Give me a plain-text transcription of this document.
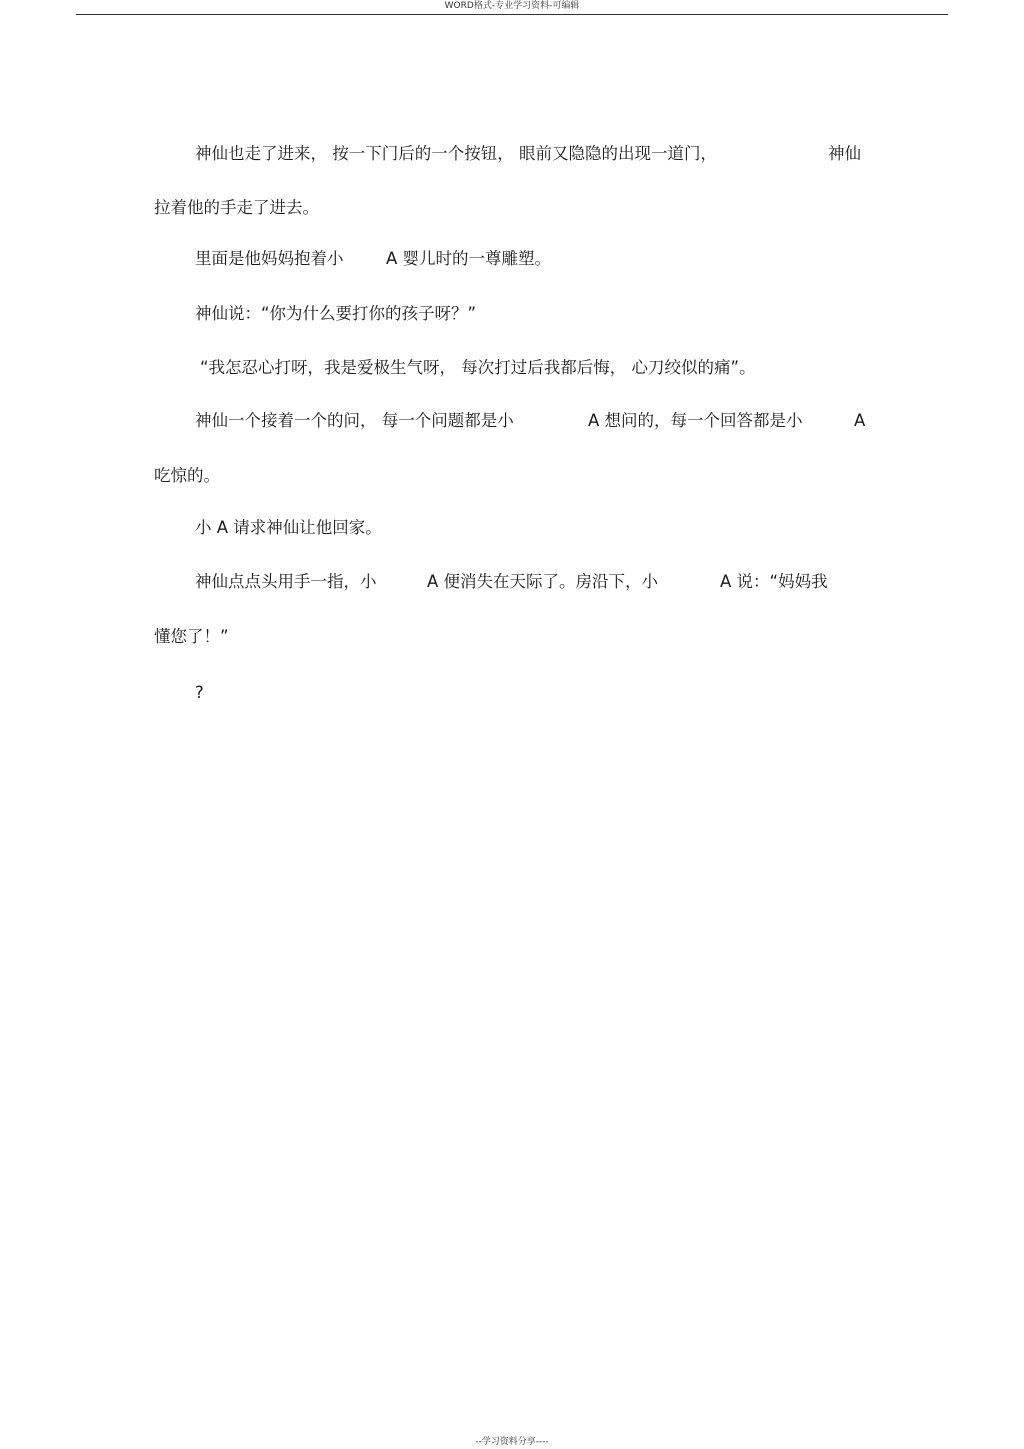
WORD格式-专业学习资料-可编辑
神仙也走了进来， 按一下门后的一个按钮， 眼前又隐隐的出现一道门，	神仙
拉着他的手走了进去。
里面是他妈妈抱着小	A 婴儿时的一尊雕塑。
神仙说：“你为什么要打你的孩子呀？”
“我怎忍心打呀，我是爱极生气呀， 每次打过后我都后悔， 心刀绞似的痛”。
神仙一个接着一个的问， 每一个问题都是小	A 想问的，每一个回答都是小	A
吃惊的。
小 A 请求神仙让他回家。
神仙点点头用手一指，小	A 便消失在天际了。房沿下，小	A 说：“妈妈我
懂您了！”
?
--学习资料分享----
